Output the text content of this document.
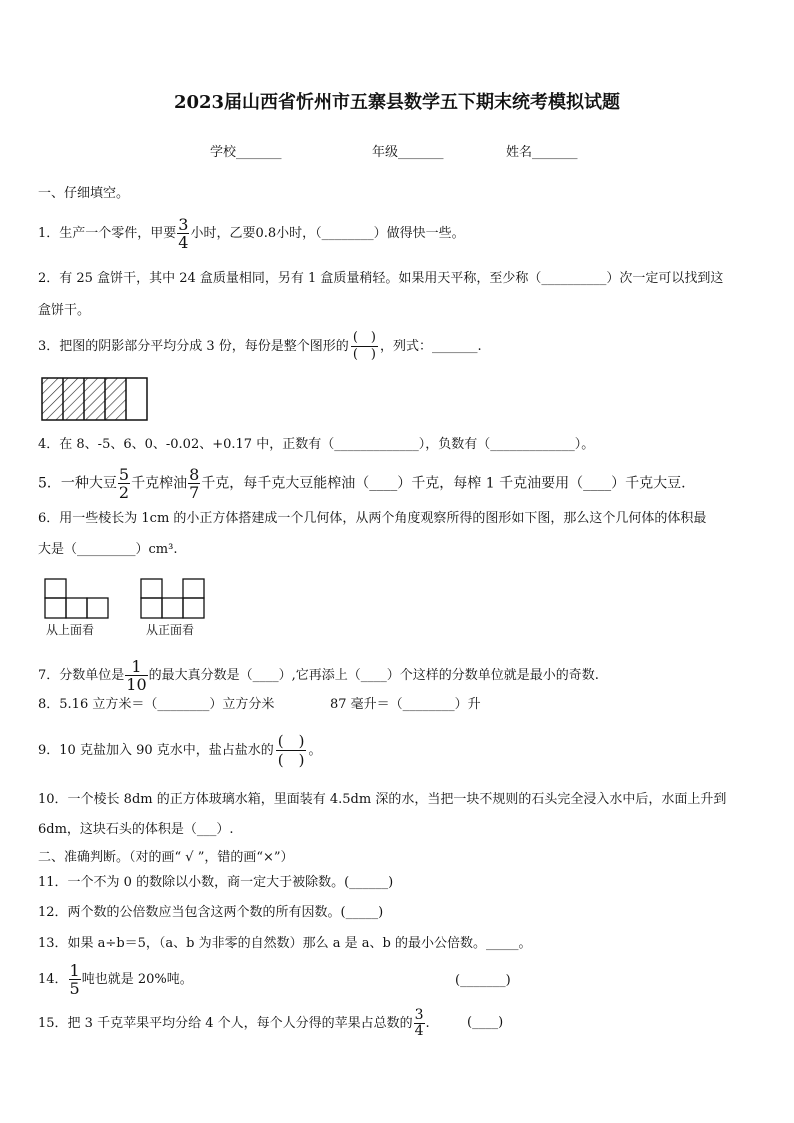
2023届山西省忻州市五寨县数学五下期末统考模拟试题
学校_______	年级_______	姓名_______
一、仔细填空。
1．生产一个零件，甲要 $\frac{3}{4}$ 小时，乙要0.8小时，（________）做得快一些。
2．有 25 盒饼干，其中 24 盒质量相同，另有 1 盒质量稍轻。如果用天平称，至少称（__________）次一定可以找到这
盒饼干。
3．把图的阴影部分平均分成 3 份，每份是整个图形的 $\frac{( )}{( )}$ ，列式：_______.
4．在 8、-5、6、0、-0.02、+0.17 中，正数有（_____________），负数有（_____________）。
5．一种大豆 $\frac{5}{2}$ 千克榨油 $\frac{8}{7}$ 千克，每千克大豆能榨油（____）千克，每榨 1 千克油要用（____）千克大豆.
6．用一些棱长为 1cm 的小正方体搭建成一个几何体，从两个角度观察所得的图形如下图，那么这个几何体的体积最
大是（_________）cm³.
从上面看	从正面看
7．分数单位是 $\frac{1}{10}$ 的最大真分数是（____）,它再添上（____）个这样的分数单位就是最小的奇数.
8．5.16 立方米＝（________）立方分米	87 毫升＝（________）升
9．10 克盐加入 90 克水中，盐占盐水的 $\frac{( )}{( )}$ 。
10．一个棱长 8dm 的正方体玻璃水箱，里面装有 4.5dm 深的水，当把一块不规则的石头完全浸入水中后，水面上升到
6dm，这块石头的体积是（___）.
二、准确判断。（对的画“ √ ”，错的画“×”）
11．一个不为 0 的数除以小数，商一定大于被除数。(______)
12．两个数的公倍数应当包含这两个数的所有因数。(_____)
13．如果 a÷b＝5，（a、b 为非零的自然数）那么 a 是 a、b 的最小公倍数。_____。
14． $\frac{1}{5}$ 吨也就是 20%吨。	(_______)
15．把 3 千克苹果平均分给 4 个人，每个人分得的苹果占总数的 $\frac{3}{4}$ .	(____)
